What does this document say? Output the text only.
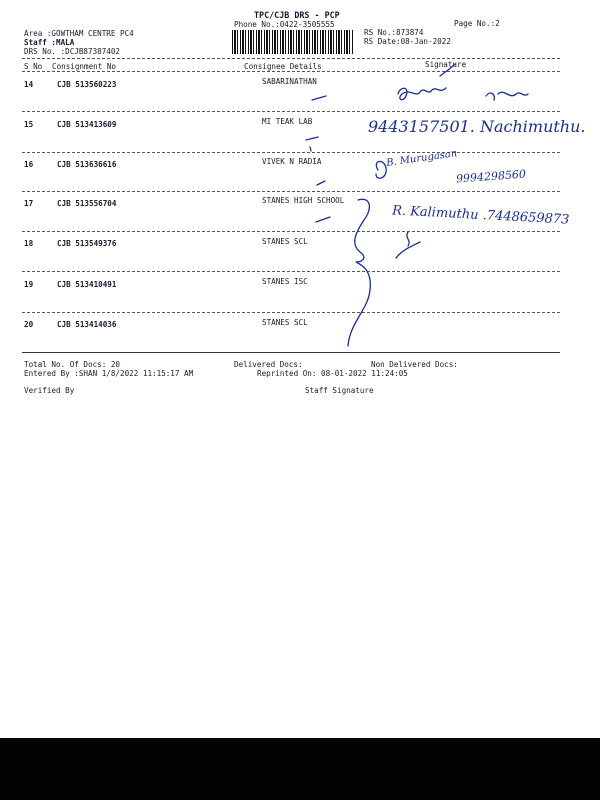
TPC/CJB DRS - PCP
Phone No.:0422-3505555	Page No.:2
Area :GOWTHAM CENTRE PC4
Staff :MALA
DRS No. :DCJB87387402
RS No.:873874
RS Date:08-Jan-2022
S No Consignment No	Consignee Details	Signature
14	CJB 513560223	SABARINATHAN
15	CJB 513413609	MI TEAK LAB
16	CJB 513636616	VIVEK N RADIA
17	CJB 513556704	STANES HIGH SCHOOL
18	CJB 513549376	STANES SCL
19	CJB 513410491	STANES ISC
20	CJB 513414036	STANES SCL
9443157501. Nachimuthu.
B. Murugasan
9994298560
R. Kalimuthu .7448659873
Total No. Of Docs: 20	Delivered Docs:	Non Delivered Docs:
Entered By :SHAN 1/8/2022 11:15:17 AM	Reprinted On: 08-01-2022 11:24:05
Verified By	Staff Signature
